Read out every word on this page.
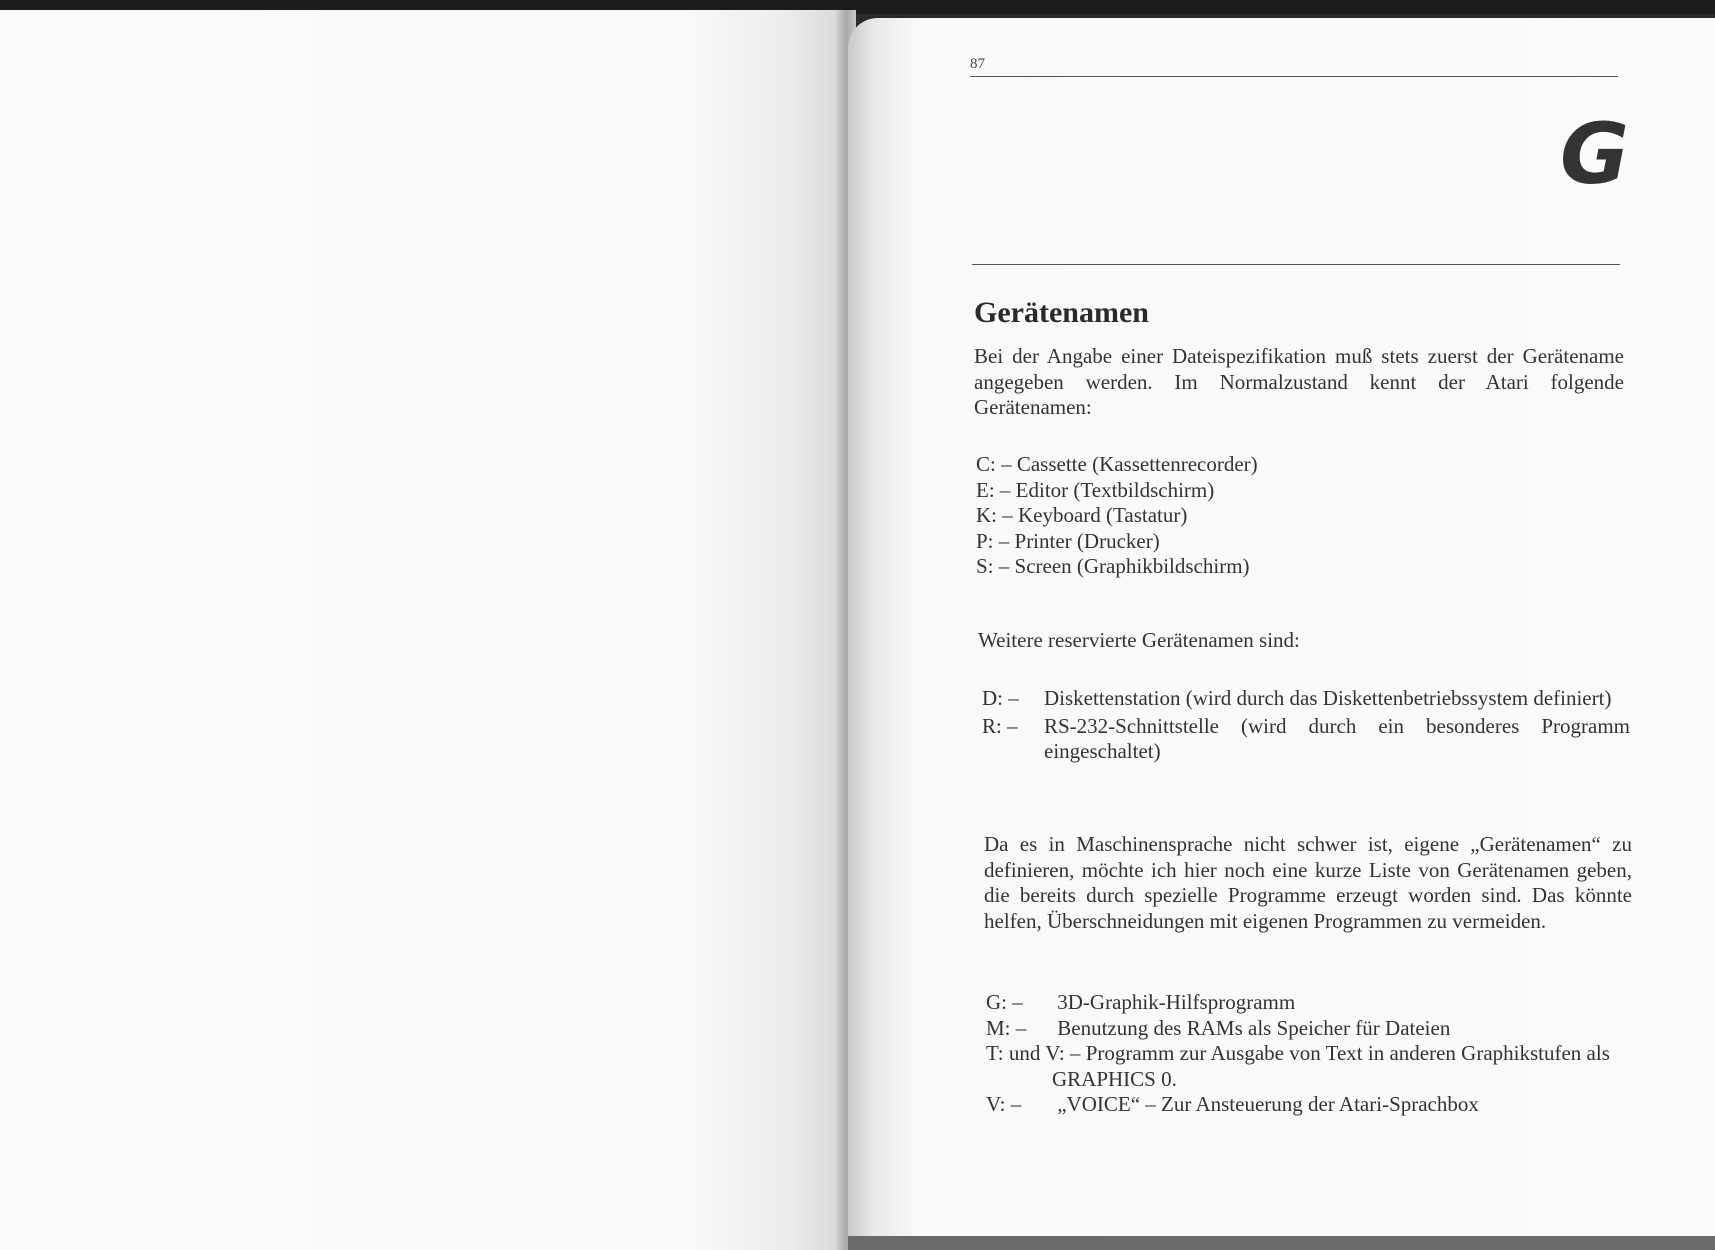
87
G
Gerätenamen

Bei der Angabe einer Dateispezifikation muß stets zuerst der Gerätename angegeben werden. Im Normalzustand kennt der Atari folgende Gerätenamen:

C: – Cassette (Kassettenrecorder)
E: – Editor (Textbildschirm)
K: – Keyboard (Tastatur)
P: – Printer (Drucker)
S: – Screen (Graphikbildschirm)

Weitere reservierte Gerätenamen sind:

D: –	Diskettenstation (wird durch das Diskettenbetriebssystem definiert)
R: –	RS-232-Schnittstelle (wird durch ein besonderes Programm eingeschaltet)

Da es in Maschinensprache nicht schwer ist, eigene „Gerätenamen“ zu definieren, möchte ich hier noch eine kurze Liste von Gerätenamen geben, die bereits durch spezielle Programme erzeugt worden sind. Das könnte helfen, Überschneidungen mit eigenen Programmen zu vermeiden.

G: – 3D-Graphik-Hilfsprogramm
M: – Benutzung des RAMs als Speicher für Dateien
T: und V: – Programm zur Ausgabe von Text in anderen Graphikstufen als GRAPHICS 0.
V: – „VOICE“ – Zur Ansteuerung der Atari-Sprachbox
